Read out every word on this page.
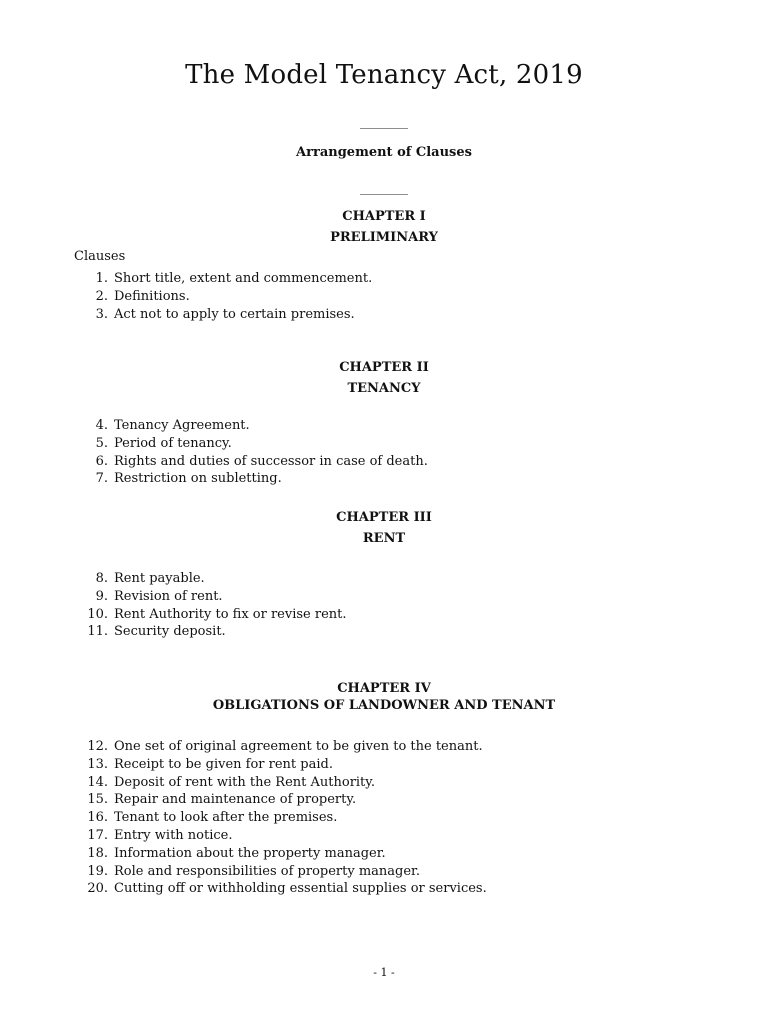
The Model Tenancy Act, 2019
________
Arrangement of Clauses
________
CHAPTER I
PRELIMINARY
Clauses
1. Short title, extent and commencement.
2. Definitions.
3. Act not to apply to certain premises.
CHAPTER II
TENANCY
4. Tenancy Agreement.
5. Period of tenancy.
6. Rights and duties of successor in case of death.
7. Restriction on subletting.
CHAPTER III
RENT
8. Rent payable.
9. Revision of rent.
10. Rent Authority to fix or revise rent.
11. Security deposit.
CHAPTER IV
OBLIGATIONS OF LANDOWNER AND TENANT
12. One set of original agreement to be given to the tenant.
13. Receipt to be given for rent paid.
14. Deposit of rent with the Rent Authority.
15. Repair and maintenance of property.
16. Tenant to look after the premises.
17. Entry with notice.
18. Information about the property manager.
19. Role and responsibilities of property manager.
20. Cutting off or withholding essential supplies or services.
- 1 -
